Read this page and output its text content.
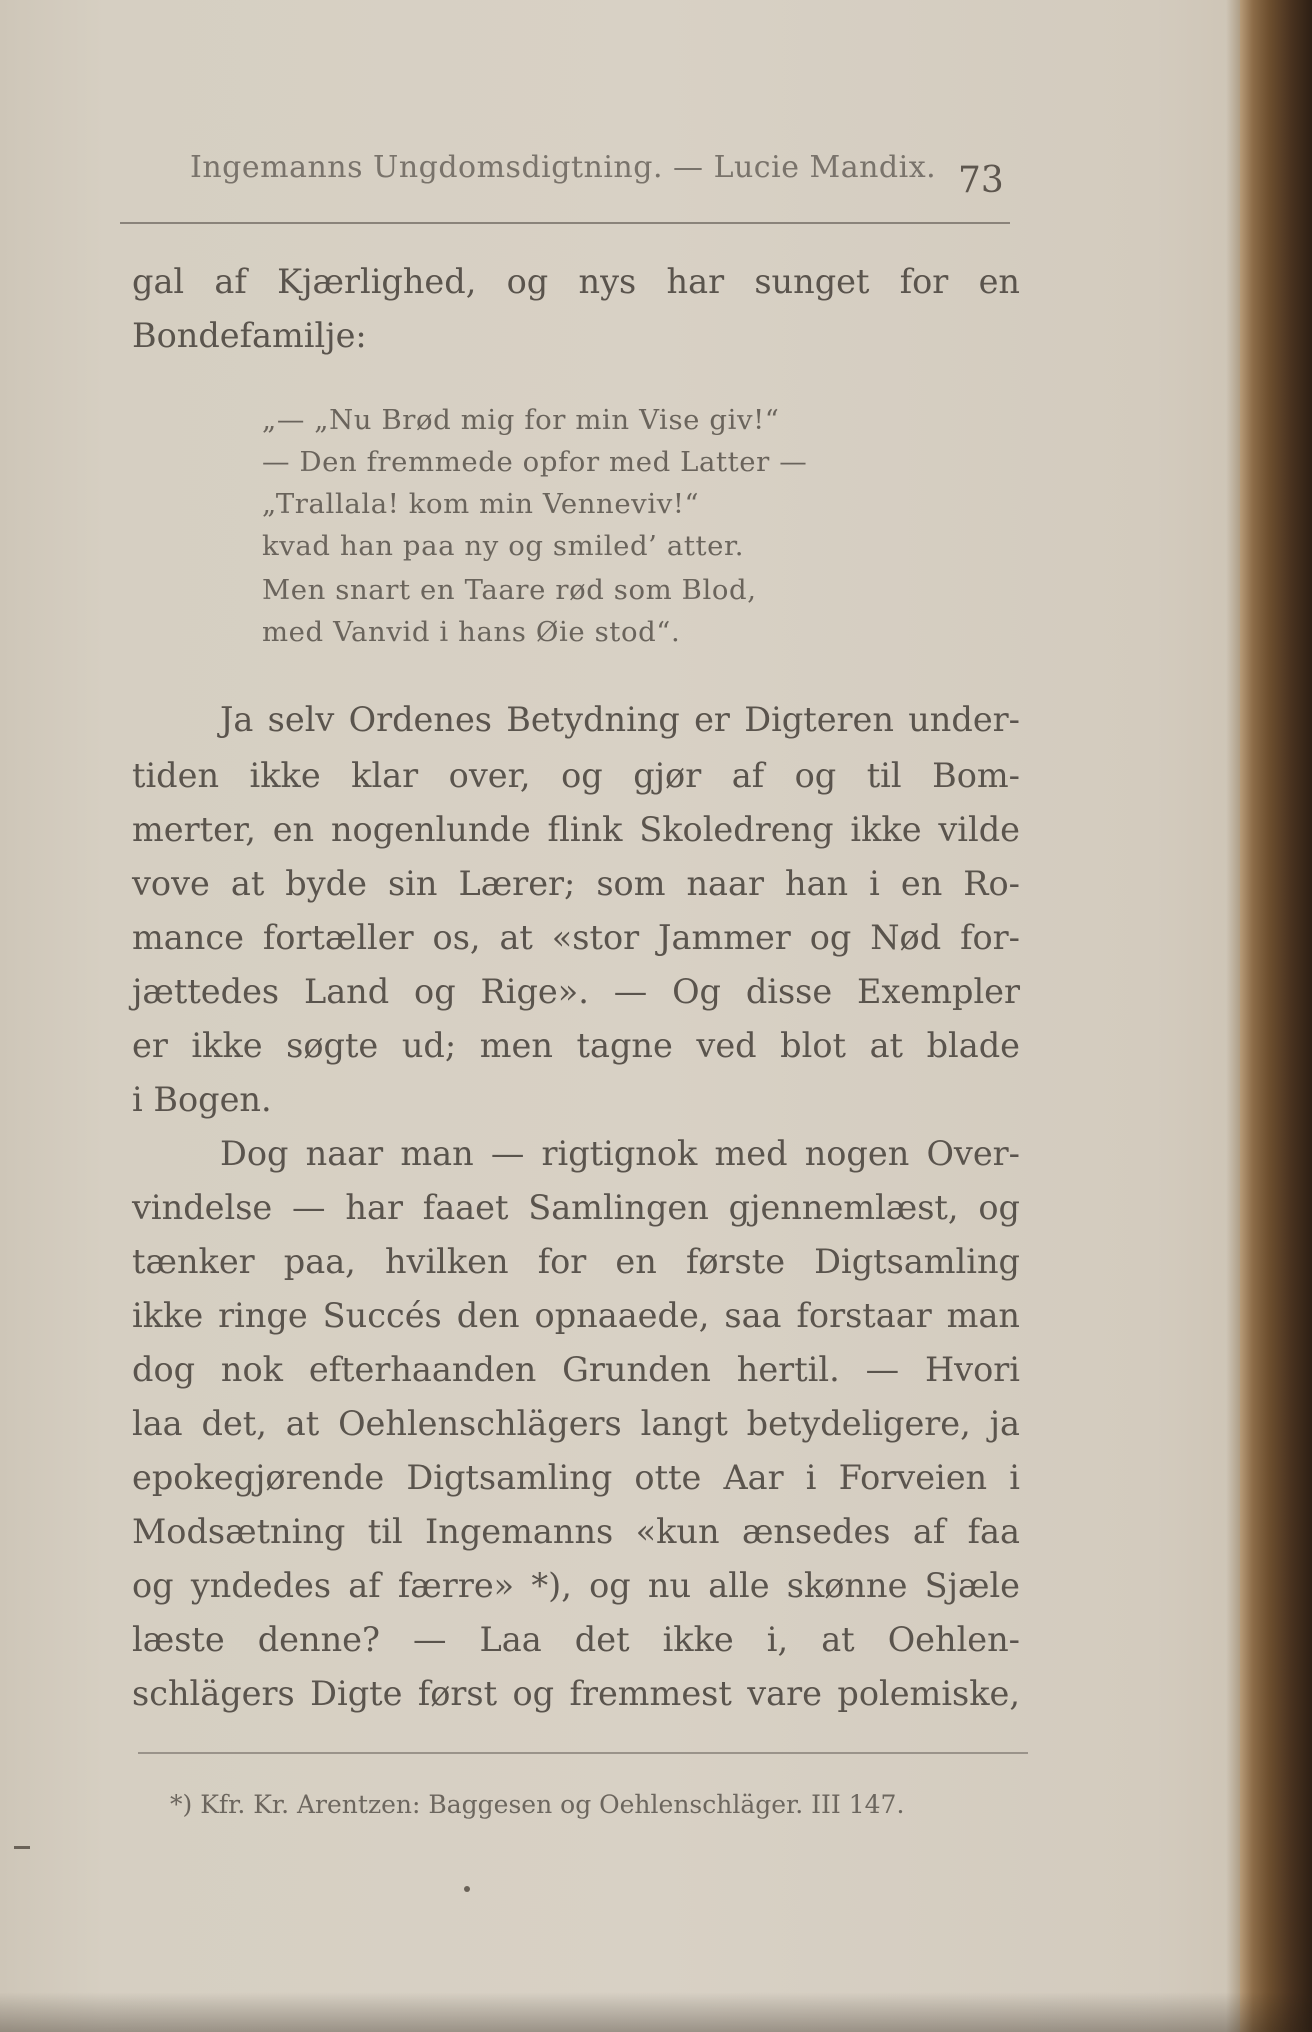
Ingemanns Ungdomsdigtning. — Lucie Mandix. 73
gal af Kjærlighed, og nys har sunget for en
Bondefamilje:
„— „Nu Brød mig for min Vise giv!“
— Den fremmede opfor med Latter —
„Trallala! kom min Venneviv!“
kvad han paa ny og smiled’ atter.
Men snart en Taare rød som Blod,
med Vanvid i hans Øie stod“.
Ja selv Ordenes Betydning er Digteren under-
tiden ikke klar over, og gjør af og til Bom-
merter, en nogenlunde flink Skoledreng ikke vilde
vove at byde sin Lærer; som naar han i en Ro-
mance fortæller os, at «stor Jammer og Nød for-
jættedes Land og Rige». — Og disse Exempler
er ikke søgte ud; men tagne ved blot at blade
i Bogen.
Dog naar man — rigtignok med nogen Over-
vindelse — har faaet Samlingen gjennemlæst, og
tænker paa, hvilken for en første Digtsamling
ikke ringe Succés den opnaaede, saa forstaar man
dog nok efterhaanden Grunden hertil. — Hvori
laa det, at Oehlenschlägers langt betydeligere, ja
epokegjørende Digtsamling otte Aar i Forveien i
Modsætning til Ingemanns «kun ænsedes af faa
og yndedes af færre» *), og nu alle skønne Sjæle
læste denne? — Laa det ikke i, at Oehlen-
schlägers Digte først og fremmest vare polemiske,
*) Kfr. Kr. Arentzen: Baggesen og Oehlenschläger. III 147.
